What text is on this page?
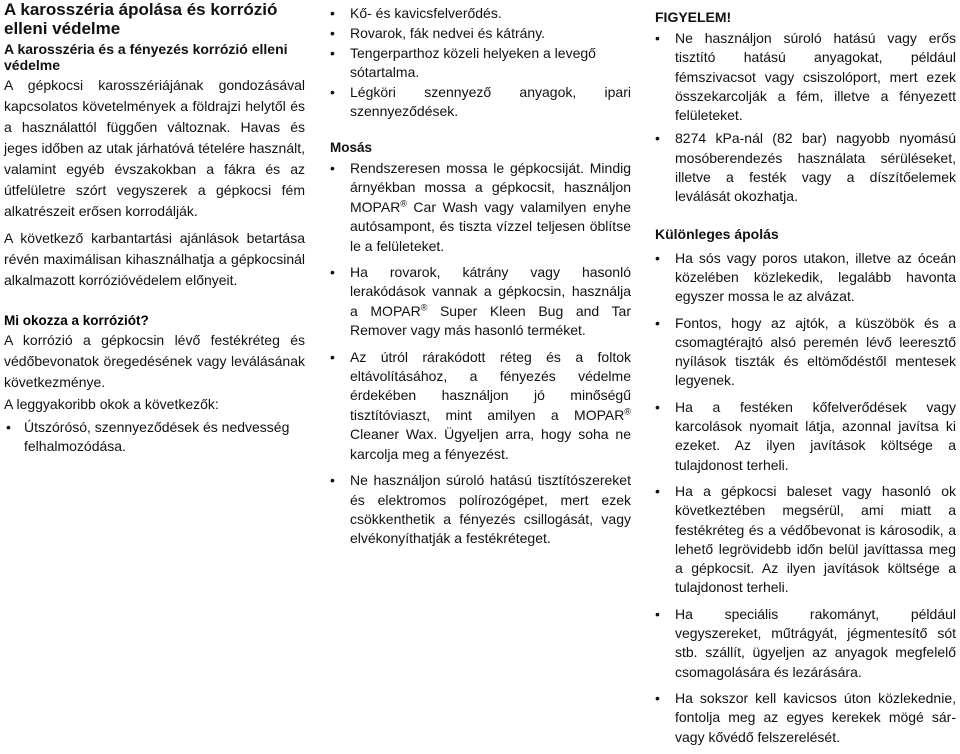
A karosszéria ápolása és korrózió elleni védelme

A karosszéria és a fényezés korrózió elleni védelme

A gépkocsi karosszériájának gondozásával kapcsolatos követelmények a földrajzi helytől és a használattól függően változnak. Havas és jeges időben az utak járhatóvá tételére használt, valamint egyéb évszakokban a fákra és az útfelületre szórt vegyszerek a gépkocsi fém alkatrészeit erősen korrodálják.

A következő karbantartási ajánlások betartása révén maximálisan kihasználhatja a gépkocsinál alkalmazott korrózióvédelem előnyeit.

Mi okozza a korróziót?

A korrózió a gépkocsin lévő festékréteg és védőbevonatok öregedésének vagy leválásának következménye.

A leggyakoribb okok a következők:

• Útszórósó, szennyeződések és nedvesség felhalmozódása.
• Kő- és kavicsfelverődés.
• Rovarok, fák nedvei és kátrány.
• Tengerparthoz közeli helyeken a levegő sótartalma.
• Légköri szennyező anyagok, ipari szennyeződések.

Mosás

• Rendszeresen mossa le gépkocsiját. Mindig árnyékban mossa a gépkocsit, használjon MOPAR® Car Wash vagy valamilyen enyhe autósampont, és tiszta vízzel teljesen öblítse le a felületeket.
• Ha rovarok, kátrány vagy hasonló lerakódások vannak a gépkocsin, használja a MOPAR® Super Kleen Bug and Tar Remover vagy más hasonló terméket.
• Az útról rárakódott réteg és a foltok eltávolításához, a fényezés védelme érdekében használjon jó minőségű tisztítóviaszt, mint amilyen a MOPAR® Cleaner Wax. Ügyeljen arra, hogy soha ne karcolja meg a fényezést.
• Ne használjon súroló hatású tisztítószereket és elektromos polírozógépet, mert ezek csökkenthetik a fényezés csillogását, vagy elvékonyíthatják a festékréteget.

FIGYELEM!

• Ne használjon súroló hatású vagy erős tisztító hatású anyagokat, például fémszivacsot vagy csiszolóport, mert ezek összekarcolják a fém, illetve a fényezett felületeket.
• 8274 kPa-nál (82 bar) nagyobb nyomású mosóberendezés használata sérüléseket, illetve a festék vagy a díszítőelemek leválását okozhatja.

Különleges ápolás

• Ha sós vagy poros utakon, illetve az óceán közelében közlekedik, legalább havonta egyszer mossa le az alvázat.
• Fontos, hogy az ajtók, a küszöbök és a csomagtérajtó alsó peremén lévő leeresztő nyílások tiszták és eltömődéstől mentesek legyenek.
• Ha a festéken kőfelverődések vagy karcolások nyomait látja, azonnal javítsa ki ezeket. Az ilyen javítások költsége a tulajdonost terheli.
• Ha a gépkocsi baleset vagy hasonló ok következtében megsérül, ami miatt a festékréteg és a védőbevonat is károsodik, a lehető legrövidebb időn belül javíttassa meg a gépkocsit. Az ilyen javítások költsége a tulajdonost terheli.
• Ha speciális rakományt, például vegyszereket, műtrágyát, jégmentesítő sót stb. szállít, ügyeljen az anyagok megfelelő csomagolására és lezárására.
• Ha sokszor kell kavicsos úton közlekednie, fontolja meg az egyes kerekek mögé sár-vagy kővédő felszerelését.
